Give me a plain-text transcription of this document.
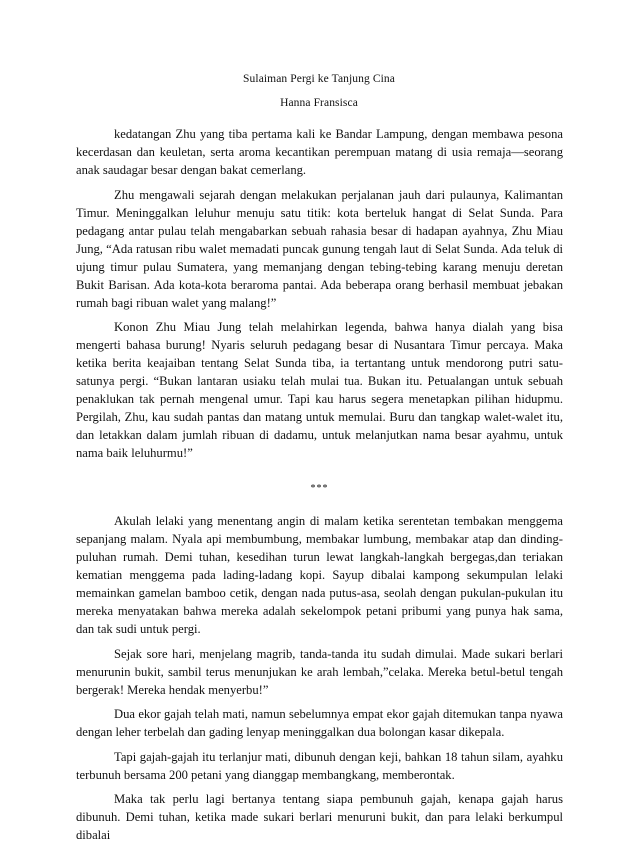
Sulaiman Pergi ke Tanjung Cina
Hanna Fransisca

kedatangan Zhu yang tiba pertama kali ke Bandar Lampung, dengan membawa pesona kecerdasan dan keuletan, serta aroma kecantikan perempuan matang di usia remaja—seorang anak saudagar besar dengan bakat cemerlang.

Zhu mengawali sejarah dengan melakukan perjalanan jauh dari pulaunya, Kalimantan Timur. Meninggalkan leluhur menuju satu titik: kota berteluk hangat di Selat Sunda. Para pedagang antar pulau telah mengabarkan sebuah rahasia besar di hadapan ayahnya, Zhu Miau Jung, “Ada ratusan ribu walet memadati puncak gunung tengah laut di Selat Sunda. Ada teluk di ujung timur pulau Sumatera, yang memanjang dengan tebing-tebing karang menuju deretan Bukit Barisan. Ada kota-kota beraroma pantai. Ada beberapa orang berhasil membuat jebakan rumah bagi ribuan walet yang malang!”

Konon Zhu Miau Jung telah melahirkan legenda, bahwa hanya dialah yang bisa mengerti bahasa burung! Nyaris seluruh pedagang besar di Nusantara Timur percaya. Maka ketika berita keajaiban tentang Selat Sunda tiba, ia tertantang untuk mendorong putri satu-satunya pergi. “Bukan lantaran usiaku telah mulai tua. Bukan itu. Petualangan untuk sebuah penaklukan tak pernah mengenal umur. Tapi kau harus segera menetapkan pilihan hidupmu. Pergilah, Zhu, kau sudah pantas dan matang untuk memulai. Buru dan tangkap walet-walet itu, dan letakkan dalam jumlah ribuan di dadamu, untuk melanjutkan nama besar ayahmu, untuk nama baik leluhurmu!”

***

Akulah lelaki yang menentang angin di malam ketika serentetan tembakan menggema sepanjang malam. Nyala api membumbung, membakar lumbung, membakar atap dan dinding-puluhan rumah. Demi tuhan, kesedihan turun lewat langkah-langkah bergegas,dan teriakan kematian menggema pada lading-ladang kopi. Sayup dibalai kampong sekumpulan lelaki memainkan gamelan bamboo cetik, dengan nada putus-asa, seolah dengan pukulan-pukulan itu mereka menyatakan bahwa mereka adalah sekelompok petani pribumi yang punya hak sama, dan tak sudi untuk pergi.

Sejak sore hari, menjelang magrib, tanda-tanda itu sudah dimulai. Made sukari berlari menurunin bukit, sambil terus menunjukan ke arah lembah,”celaka. Mereka betul-betul tengah bergerak! Mereka hendak menyerbu!”

Dua ekor gajah telah mati, namun sebelumnya empat ekor gajah ditemukan tanpa nyawa dengan leher terbelah dan gading lenyap meninggalkan dua bolongan kasar dikepala.

Tapi gajah-gajah itu terlanjur mati, dibunuh dengan keji, bahkan 18 tahun silam, ayahku terbunuh bersama 200 petani yang dianggap membangkang, memberontak.

Maka tak perlu lagi bertanya tentang siapa pembunuh gajah, kenapa gajah harus dibunuh. Demi tuhan, ketika made sukari berlari menuruni bukit, dan para lelaki berkumpul dibalai
